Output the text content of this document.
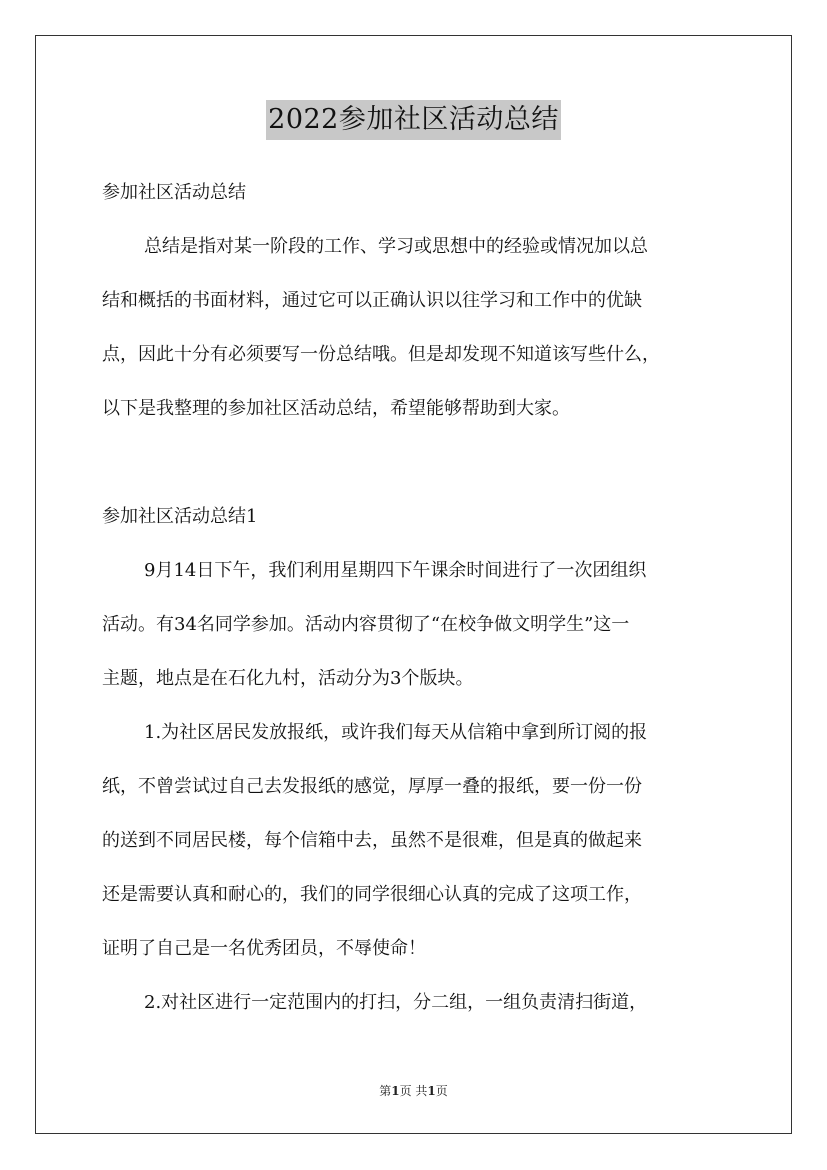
2022参加社区活动总结
参加社区活动总结
总结是指对某一阶段的工作、学习或思想中的经验或情况加以总
结和概括的书面材料，通过它可以正确认识以往学习和工作中的优缺
点，因此十分有必须要写一份总结哦。但是却发现不知道该写些什么，
以下是我整理的参加社区活动总结，希望能够帮助到大家。
参加社区活动总结1
9月14日下午，我们利用星期四下午课余时间进行了一次团组织
活动。有34名同学参加。活动内容贯彻了“在校争做文明学生”这一
主题，地点是在石化九村，活动分为3个版块。
1.为社区居民发放报纸，或许我们每天从信箱中拿到所订阅的报
纸，不曾尝试过自己去发报纸的感觉，厚厚一叠的报纸，要一份一份
的送到不同居民楼，每个信箱中去，虽然不是很难，但是真的做起来
还是需要认真和耐心的，我们的同学很细心认真的完成了这项工作，
证明了自己是一名优秀团员，不辱使命！
2.对社区进行一定范围内的打扫，分二组，一组负责清扫街道，
第1页 共1页
